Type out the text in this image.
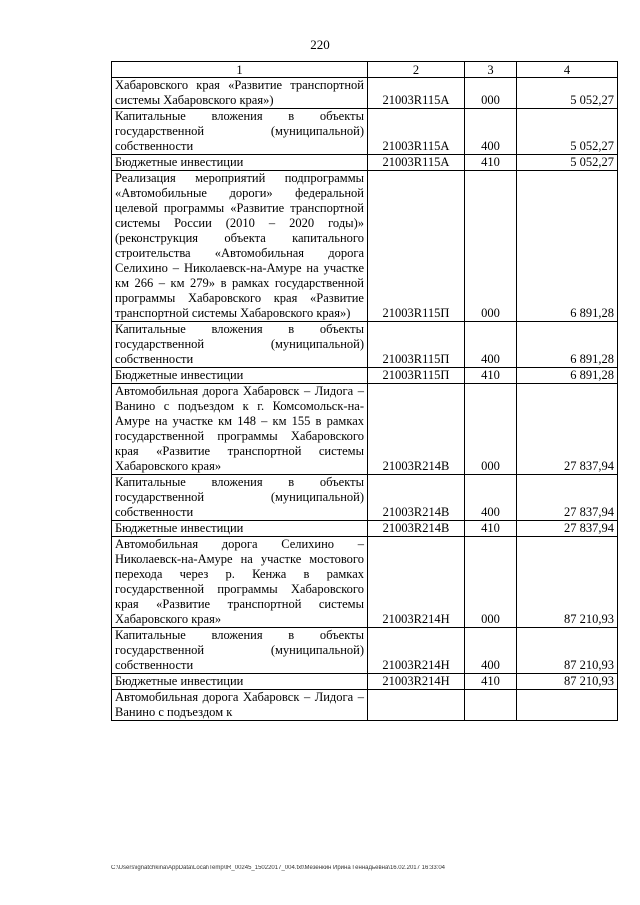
220
1	2	3	4
Хабаровского края «Развитие транспортной системы Хабаровского края»)	21003R115А	000	5 052,27
Капитальные вложения в объекты государственной (муниципальной) собственности	21003R115А	400	5 052,27
Бюджетные инвестиции	21003R115А	410	5 052,27
Реализация мероприятий подпрограммы «Автомобильные дороги» федеральной целевой программы «Развитие транспортной системы России (2010 – 2020 годы)» (реконструкция объекта капитального строительства «Автомобильная дорога Селихино – Николаевск-на-Амуре на участке км 266 – км 279» в рамках государственной программы Хабаровского края «Развитие транспортной системы Хабаровского края»)	21003R115П	000	6 891,28
Капитальные вложения в объекты государственной (муниципальной) собственности	21003R115П	400	6 891,28
Бюджетные инвестиции	21003R115П	410	6 891,28
Автомобильная дорога Хабаровск – Лидога – Ванино с подъездом к г. Комсомольск-на-Амуре на участке км 148 – км 155 в рамках государственной программы Хабаровского края «Развитие транспортной системы Хабаровского края»	21003R214В	000	27 837,94
Капитальные вложения в объекты государственной (муниципальной) собственности	21003R214В	400	27 837,94
Бюджетные инвестиции	21003R214В	410	27 837,94
Автомобильная дорога Селихино – Николаевск-на-Амуре на участке мостового перехода через р. Кенжа в рамках государственной программы Хабаровского края «Развитие транспортной системы Хабаровского края»	21003R214Н	000	87 210,93
Капитальные вложения в объекты государственной (муниципальной) собственности	21003R214Н	400	87 210,93
Бюджетные инвестиции	21003R214Н	410	87 210,93
Автомобильная дорога Хабаровск – Лидога – Ванино с подъездом к			
C:\Users\ignatchkina\AppData\Local\Temp\IR_00245_15022017_004.txt\Мезенкин Ирина Геннадьевна\16.02.2017 16:33:04
